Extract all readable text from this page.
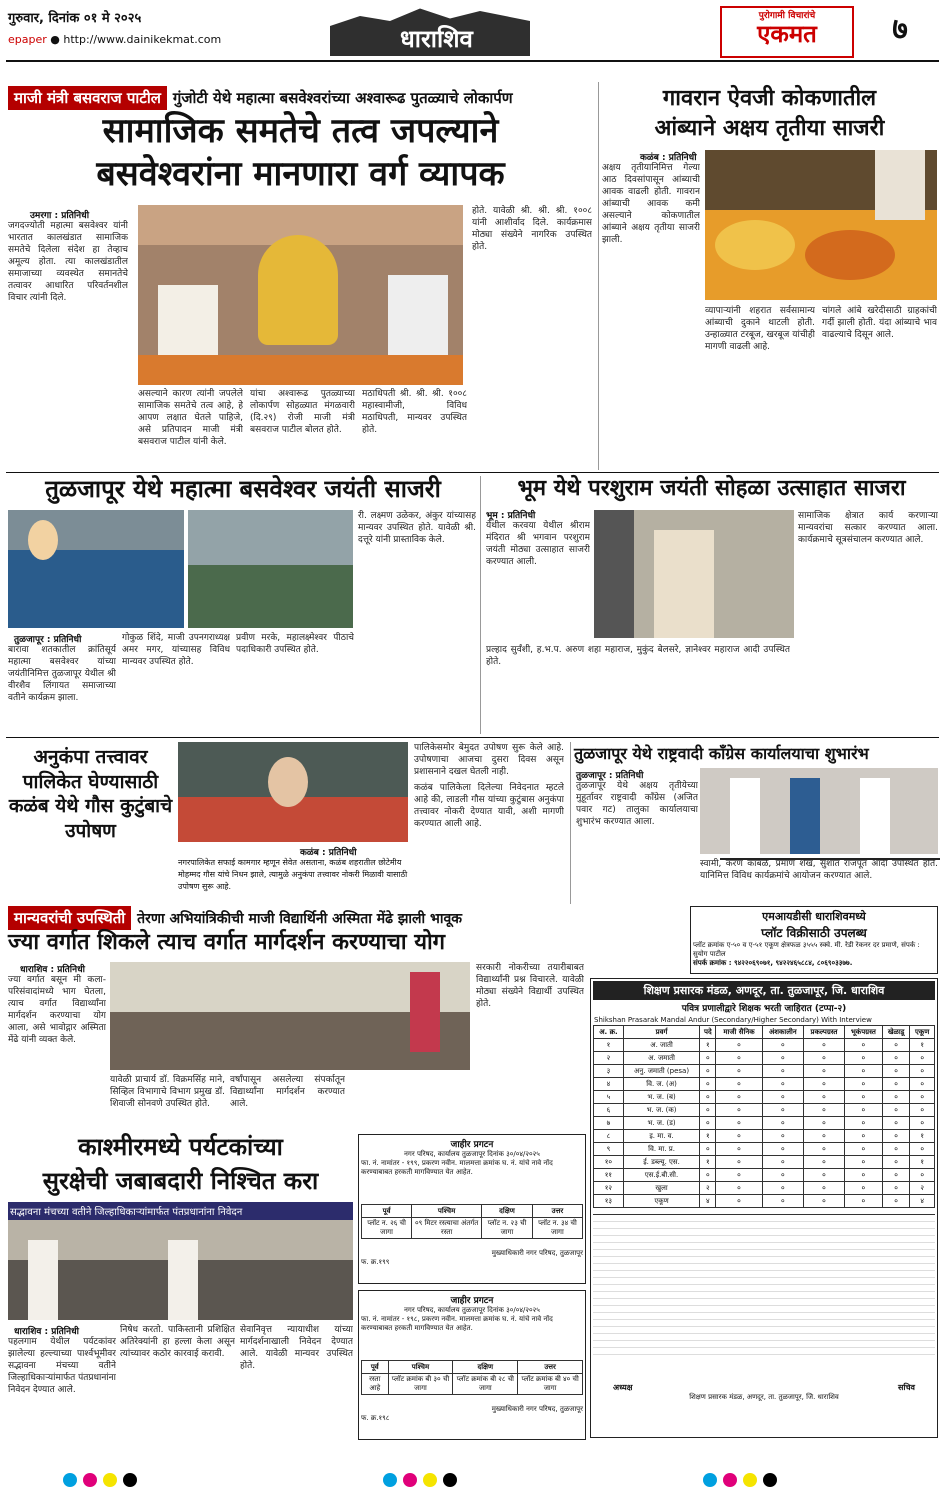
गुरुवार, दिनांक ०१ मे २०२५
epaper ● http://www.dainikekmat.com	धाराशिव
पुरोगामी विचारांचे
एकमत	७
माजी मंत्री बसवराज पाटील गुंजोटी येथे महात्मा बसवेश्‍वरांच्या अश्‍वारूढ पुतळ्याचे लोकार्पण
सामाजिक समतेचे तत्व जपल्याने
बसवेश्‍वरांना मानणारा वर्ग व्यापक
उमरगा : प्रतिनिधी
जगदज्योती महात्मा बसवेश्‍वर यांनी भारतात कालखंडात सामाजिक समतेचे दिलेला संदेश हा तेव्हाच अमूल्य होता. त्या कालखंडातील समाजाच्या व्यवस्थेत समानतेचे तत्वावर आधारित परिवर्तनशील विचार त्यांनी दिले.
होते. यावेळी श्री. श्री. श्री. १००८ यांनी आशीर्वाद दिले. कार्यक्रमास मोठ्या संख्येने नागरिक उपस्थित होते.
असल्याने कारण त्यांनी जपलेले सामाजिक समतेचे तत्व आहे, हे आपण लक्षात घेतले पाहिजे, असे प्रतिपादन माजी मंत्री बसवराज पाटील यांनी केले.
यांचा अश्‍वारूढ पुतळ्याच्या लोकार्पण सोहळ्यात मंगळवारी (दि.२९) रोजी माजी मंत्री बसवराज पाटील बोलत होते.
मठाधिपती श्री. श्री. श्री. १००८ महास्वामीजी, विविध मठाधिपती, मान्यवर उपस्थित होते.
गावरान ऐवजी कोकणातील
आंब्याने अक्षय तृतीया साजरी
कळंब : प्रतिनिधी
अक्षय तृतीयानिमित्त गेल्या आठ दिवसांपासून आंब्याची आवक वाढली होती. गावरान आंब्याची आवक कमी असल्याने कोकणातील आंब्याने अक्षय तृतीया साजरी झाली.
व्यापाऱ्यांनी शहरात सर्वसामान्य आंब्याची दुकाने थाटली होती. उन्हाळ्यात टरबूज, खरबूज यांचीही मागणी वाढली आहे.
चांगले आंबे खरेदीसाठी ग्राहकांची गर्दी झाली होती. यंदा आंब्याचे भाव वाढल्याचे दिसून आले.
तुळजापूर येथे महात्मा बसवेश्‍वर जयंती साजरी
री. लक्ष्मण उळेकर, अंकुर यांच्यासह मान्यवर उपस्थित होते. यावेळी श्री. दत्तूरे यांनी प्रास्ताविक केले.
तुळजापूर : प्रतिनिधी
बारावा शतकातील क्रांतिसूर्य महात्मा बसवेश्‍वर यांच्या जयंतीनिमित्त तुळजापूर येथील श्री वीरशैव लिंगायत समाजाच्या वतीने कार्यक्रम झाला.
गोकुळ शिंदे, माजी उपनगराध्यक्ष अमर मगर, यांच्यासह विविध मान्यवर उपस्थित होते.
प्रवीण मरके, महालक्ष्मेश्‍वर पीठाचे पदाधिकारी उपस्थित होते.
भूम येथे परशुराम जयंती सोहळा उत्साहात साजरा
भूम : प्रतिनिधी
येथील करवया येथील श्रीराम मंदिरात श्री भगवान परशुराम जयंती मोठ्या उत्साहात साजरी करण्यात आली.
सामाजिक क्षेत्रात कार्य करणाऱ्या मान्यवरांचा सत्कार करण्यात आला. कार्यक्रमाचे सूत्रसंचालन करण्यात आले.
प्रल्हाद सुर्वंशी, ह.भ.प. अरुण शहा महाराज, मुकुंद बेलसरे, ज्ञानेश्‍वर महाराज आदी उपस्थित होते.
अनुकंपा तत्त्वावर पालिकेत घेण्यासाठी कळंब येथे गौस कुटुंबाचे उपोषण
कळंब : प्रतिनिधी
नगरपालिकेत सफाई कामगार म्हणून सेवेत असताना, कळंब शहरातील छोटेमीय मोहम्मद गौस यांचे निधन झाले, त्यामुळे अनुकंपा तत्त्वावर नोकरी मिळावी यासाठी उपोषण सुरू आहे.
पालिकेसमोर बेमुदत उपोषण सुरू केले आहे. उपोषणाचा आजचा दुसरा दिवस असून प्रशासनाने दखल घेतली नाही.
कळंब पालिकेला दिलेल्या निवेदनात म्हटले आहे की, लाडली गौस यांच्या कुटुंबास अनुकंपा तत्त्वावर नोकरी देण्यात यावी, अशी मागणी करण्यात आली आहे.
तुळजापूर येथे राष्ट्रवादी काँग्रेस कार्यालयाचा शुभारंभ
तुळजापूर : प्रतिनिधी
तुळजापूर येथे अक्षय तृतीयेच्या मुहूर्तावर राष्ट्रवादी काँग्रेस (अजित पवार गट) तालुका कार्यालयाचा शुभारंभ करण्यात आला.
स्वामी, करण कांबळे, प्रमाण शेख, सुशांत राजपूत आदी उपस्थित होते. यानिमित्त विविध कार्यक्रमांचे आयोजन करण्यात आले.
मान्यवरांची उपस्थिती तेरणा अभियांत्रिकीची माजी विद्यार्थिनी अस्मिता मेंढे झाली भावूक
ज्या वर्गात शिकले त्याच वर्गात मार्गदर्शन करण्याचा योग
धाराशिव : प्रतिनिधी
ज्या वर्गात बसून मी कला-परिसंवादांमध्ये भाग घेतला, त्याच वर्गात विद्यार्थ्यांना मार्गदर्शन करण्याचा योग आला, असे भावोद्गार अस्मिता मेंढे यांनी व्यक्त केले.
सरकारी नोकरीच्या तयारीबाबत विद्यार्थ्यांनी प्रश्न विचारले. यावेळी मोठ्या संख्येने विद्यार्थी उपस्थित होते.
यावेळी प्राचार्य डॉ. विक्रमसिंह माने, सिव्हिल विभागाचे विभाग प्रमुख डॉ. शिवाजी सोनवणे उपस्थित होते.
वर्षांपासून असलेल्या संपर्कातून विद्यार्थ्यांना मार्गदर्शन करण्यात आले.
एमआयडीसी धाराशिवमध्ये
प्लॉट विक्रीसाठी उपलब्ध
प्लॉट क्रमांक ए-५० व ए-५१ एकूण क्षेत्रफळ ३५५५ स्क्वे. मी. रेडी रेकनर दर प्रमाणे, संपर्क : सुयोग पाटील
संपर्क क्रमांक : ९४२२०६९०७१, ९४२२४६५८८४, ८०६९०३३७७.
शिक्षण प्रसारक मंडळ, अणदूर, ता. तुळजापूर, जि. धाराशिव
पवित्र प्रणालीद्वारे शिक्षक भरती जाहिरात (टप्पा-२)
Shikshan Prasarak Mandal Andur (Secondary/Higher Secondary) With Interview
अ. क्र.	प्रवर्ग	पदे	माजी सैनिक	अंशकालीन	प्रकल्पग्रस्त	भूकंपग्रस्त	खेळाडू	एकूण
१	अ. जाती	१	०	०	०	०	०	१
२	अ. जमाती	०	०	०	०	०	०	०
३	अनु. जमाती (pesa)	०	०	०	०	०	०	०
४	वि. ज. (अ)	०	०	०	०	०	०	०
५	भ. ज. (ब)	०	०	०	०	०	०	०
६	भ. ज. (क)	०	०	०	०	०	०	०
७	भ. ज. (ड)	०	०	०	०	०	०	०
८	इ. मा. व.	१	०	०	०	०	०	१
९	वि. मा. प्र.	०	०	०	०	०	०	०
१०	ई. डब्ल्यू. एस.	१	०	०	०	०	०	१
११	एस.ई.बी.सी.	०	०	०	०	०	०	०
१२	खुला	२	०	०	०	०	०	२
१३	एकूण	४	०	०	०	०	०	४
अध्यक्ष	सचिव
शिक्षण प्रसारक मंडळ, अणदूर, ता. तुळजापूर, जि. धाराशिव
काश्मीरमध्ये पर्यटकांच्या
सुरक्षेची जबाबदारी निश्चित करा
सद्भावना मंचच्या वतीने जिल्हाधिकाऱ्यांमार्फत पंतप्रधानांना निवेदन
धाराशिव : प्रतिनिधी
पहलगाम येथील पर्यटकांवर झालेल्या हल्ल्याच्या पार्श्‍वभूमीवर सद्भावना मंचच्या वतीने जिल्हाधिकाऱ्यांमार्फत पंतप्रधानांना निवेदन देण्यात आले.
निषेध करतो. पाकिस्तानी प्रशिक्षित अतिरेक्यांनी हा हल्ला केला असून त्यांच्यावर कठोर कारवाई करावी.
सेवानिवृत्त न्यायाधीश यांच्या मार्गदर्शनाखाली निवेदन देण्यात आले. यावेळी मान्यवर उपस्थित होते.
जाहीर प्रगटन
नगर परिषद, कार्यालय तुळजापूर दिनांक ३०/०४/२०२५
फा. नं. नामांतर - १९९, प्रकरण नवीन. मालमत्ता क्रमांक घ. नं. यांचे नावे नोंद करण्याबाबत हरकती मागविण्यात येत आहेत.
पूर्व	पश्चिम	दक्षिण	उत्तर
प्लॉट न. २६ ची जागा	०९ मिटर रस्त्याचा अंतर्गत रस्ता	प्लॉट न. २३ ची जागा	प्लॉट न. ३४ ची जागा
मुख्याधिकारी नगर परिषद, तुळजापूर
फ. क्र.१९९
जाहीर प्रगटन
नगर परिषद, कार्यालय तुळजापूर दिनांक ३०/०४/२०२५
फा. नं. नामांतर - १९८, प्रकरण नवीन. मालमत्ता क्रमांक घ. नं. यांचे नावे नोंद करण्याबाबत हरकती मागविण्यात येत आहेत.
पूर्व	पश्चिम	दक्षिण	उत्तर
रस्ता आहे	प्लॉट क्रमांक बी ३० ची जागा	प्लॉट क्रमांक बी २८ ची जागा	प्लॉट क्रमांक बी ४० ची जागा
मुख्याधिकारी नगर परिषद, तुळजापूर
फ. क्र.१९८
